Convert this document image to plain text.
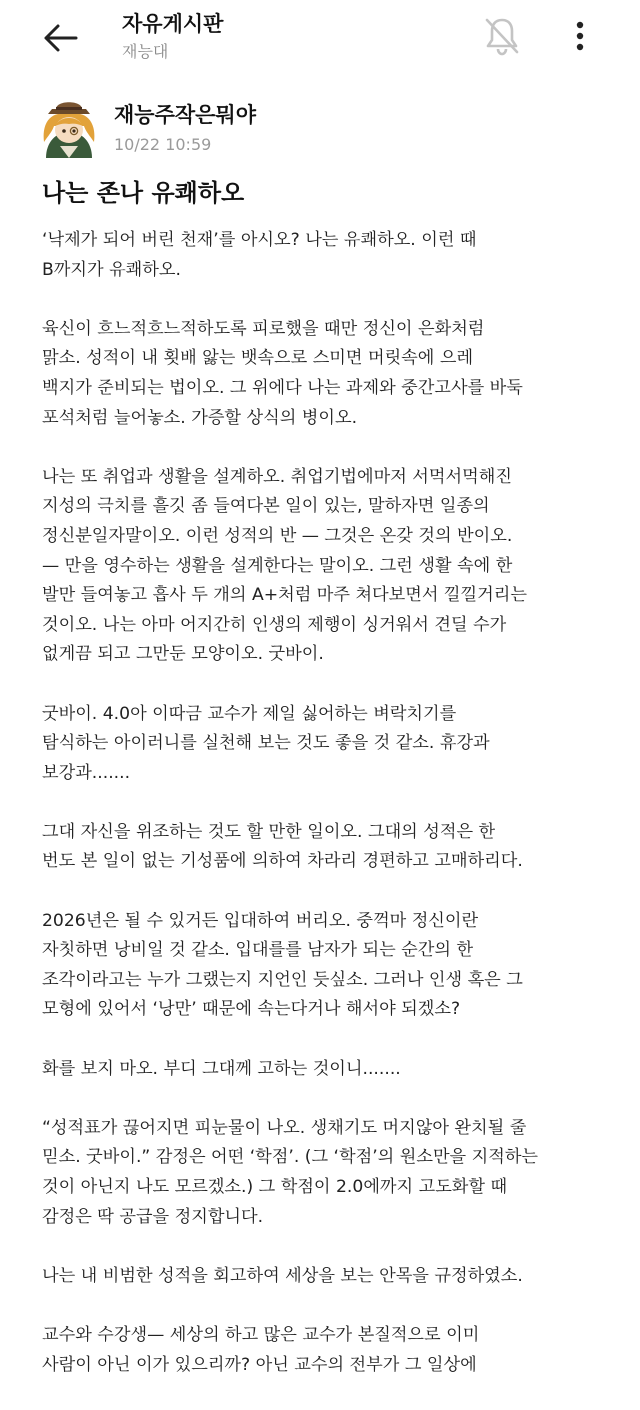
자유게시판
재능대
재능주작은뭐야
10/22 10:59
나는 존나 유쾌하오

‘낙제가 되어 버린 천재’를 아시오? 나는 유쾌하오. 이런 때
B까지가 유쾌하오.

육신이 흐느적흐느적하도록 피로했을 때만 정신이 은화처럼
맑소. 성적이 내 횟배 앓는 뱃속으로 스미면 머릿속에 으레
백지가 준비되는 법이오. 그 위에다 나는 과제와 중간고사를 바둑
포석처럼 늘어놓소. 가증할 상식의 병이오.

나는 또 취업과 생활을 설계하오. 취업기법에마저 서먹서먹해진
지성의 극치를 흘깃 좀 들여다본 일이 있는, 말하자면 일종의
정신분일자말이오. 이런 성적의 반 — 그것은 온갖 것의 반이오.
— 만을 영수하는 생활을 설계한다는 말이오. 그런 생활 속에 한
발만 들여놓고 흡사 두 개의 A+처럼 마주 쳐다보면서 낄낄거리는
것이오. 나는 아마 어지간히 인생의 제행이 싱거워서 견딜 수가
없게끔 되고 그만둔 모양이오. 굿바이.

굿바이. 4.0아 이따금 교수가 제일 싫어하는 벼락치기를
탐식하는 아이러니를 실천해 보는 것도 좋을 것 같소. 휴강과
보강과.......

그대 자신을 위조하는 것도 할 만한 일이오. 그대의 성적은 한
번도 본 일이 없는 기성품에 의하여 차라리 경편하고 고매하리다.

2026년은 될 수 있거든 입대하여 버리오. 중꺽마 정신이란
자칫하면 낭비일 것 같소. 입대를를 남자가 되는 순간의 한
조각이라고는 누가 그랬는지 지언인 듯싶소. 그러나 인생 혹은 그
모형에 있어서 ‘낭만’ 때문에 속는다거나 해서야 되겠소?

화를 보지 마오. 부디 그대께 고하는 것이니.......

“성적표가 끊어지면 피눈물이 나오. 생채기도 머지않아 완치될 줄
믿소. 굿바이.” 감정은 어떤 ‘학점’. (그 ‘학점’의 원소만을 지적하는
것이 아닌지 나도 모르겠소.) 그 학점이 2.0에까지 고도화할 때
감정은 딱 공급을 정지합니다.

나는 내 비범한 성적을 회고하여 세상을 보는 안목을 규정하였소.

교수와 수강생— 세상의 하고 많은 교수가 본질적으로 이미
사람이 아닌 이가 있으리까? 아닌 교수의 전부가 그 일상에
